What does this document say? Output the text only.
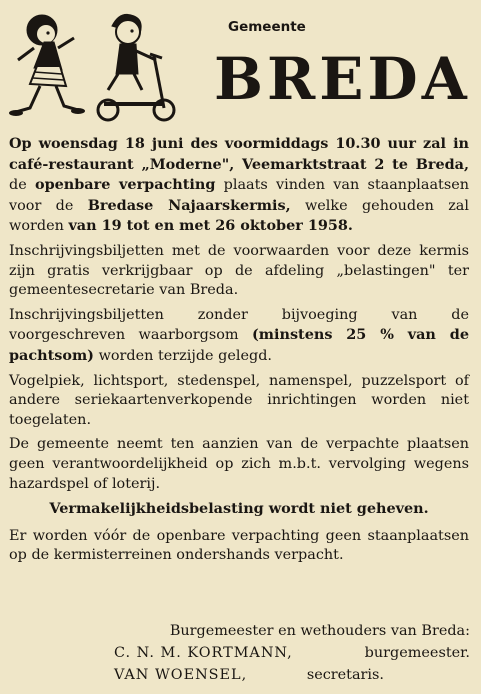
Gemeente
BREDA

Op woensdag 18 juni des voormiddags 10.30 uur zal in café-restaurant „Moderne", Veemarktstraat 2 te Breda, de openbare verpachting plaats vinden van staanplaatsen voor de Bredase Najaarskermis, welke gehouden zal worden van 19 tot en met 26 oktober 1958.

Inschrijvingsbiljetten met de voorwaarden voor deze kermis zijn gratis verkrijgbaar op de afdeling „belastingen" ter gemeentesecretarie van Breda.

Inschrijvingsbiljetten zonder bijvoeging van de voorgeschreven waarborgsom (minstens 25 % van de pachtsom) worden terzijde gelegd.

Vogelpiek, lichtsport, stedenspel, namenspel, puzzelsport of andere seriekaartenverkopende inrichtingen worden niet toegelaten.

De gemeente neemt ten aanzien van de verpachte plaatsen geen verantwoordelijkheid op zich m.b.t. vervolging wegens hazardspel of loterij.

Vermakelijkheidsbelasting wordt niet geheven.

Er worden vóór de openbare verpachting geen staanplaatsen op de kermisterreinen ondershands verpacht.

Burgemeester en wethouders van Breda:
C. N. M. KORTMANN,	burgemeester.
VAN WOENSEL,	secretaris.
